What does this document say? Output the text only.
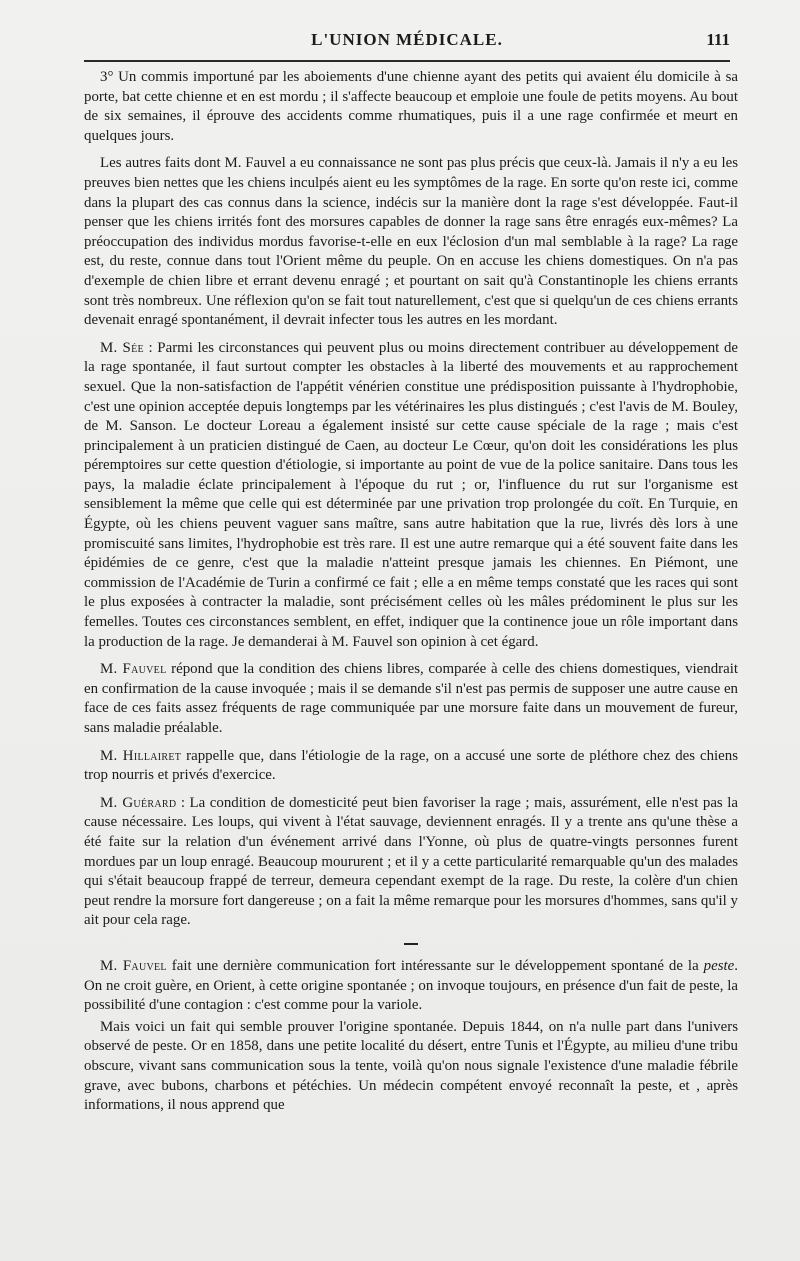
L'UNION MÉDICALE.	111

3° Un commis importuné par les aboiements d'une chienne ayant des petits qui avaient élu domicile à sa porte, bat cette chienne et en est mordu ; il s'affecte beaucoup et emploie une foule de petits moyens. Au bout de six semaines, il éprouve des accidents comme rhumatiques, puis il a une rage confirmée et meurt en quelques jours.

Les autres faits dont M. Fauvel a eu connaissance ne sont pas plus précis que ceux-là. Jamais il n'y a eu les preuves bien nettes que les chiens inculpés aient eu les symptômes de la rage. En sorte qu'on reste ici, comme dans la plupart des cas connus dans la science, indécis sur la manière dont la rage s'est développée. Faut-il penser que les chiens irrités font des morsures capables de donner la rage sans être enragés eux-mêmes? La préoccupation des individus mordus favorise-t-elle en eux l'éclosion d'un mal semblable à la rage? La rage est, du reste, connue dans tout l'Orient même du peuple. On en accuse les chiens domestiques. On n'a pas d'exemple de chien libre et errant devenu enragé ; et pourtant on sait qu'à Constantinople les chiens errants sont très nombreux. Une réflexion qu'on se fait tout naturellement, c'est que si quelqu'un de ces chiens errants devenait enragé spontanément, il devrait infecter tous les autres en les mordant.

M. Sée : Parmi les circonstances qui peuvent plus ou moins directement contribuer au développement de la rage spontanée, il faut surtout compter les obstacles à la liberté des mouvements et au rapprochement sexuel. Que la non-satisfaction de l'appétit vénérien constitue une prédisposition puissante à l'hydrophobie, c'est une opinion acceptée depuis longtemps par les vétérinaires les plus distingués ; c'est l'avis de M. Bouley, de M. Sanson. Le docteur Loreau a également insisté sur cette cause spéciale de la rage ; mais c'est principalement à un praticien distingué de Caen, au docteur Le Cœur, qu'on doit les considérations les plus péremptoires sur cette question d'étiologie, si importante au point de vue de la police sanitaire. Dans tous les pays, la maladie éclate principalement à l'époque du rut ; or, l'influence du rut sur l'organisme est sensiblement la même que celle qui est déterminée par une privation trop prolongée du coït. En Turquie, en Égypte, où les chiens peuvent vaguer sans maître, sans autre habitation que la rue, livrés dès lors à une promiscuité sans limites, l'hydrophobie est très rare. Il est une autre remarque qui a été souvent faite dans les épidémies de ce genre, c'est que la maladie n'atteint presque jamais les chiennes. En Piémont, une commission de l'Académie de Turin a confirmé ce fait ; elle a en même temps constaté que les races qui sont le plus exposées à contracter la maladie, sont précisément celles où les mâles prédominent le plus sur les femelles. Toutes ces circonstances semblent, en effet, indiquer que la continence joue un rôle important dans la production de la rage. Je demanderai à M. Fauvel son opinion à cet égard.

M. Fauvel répond que la condition des chiens libres, comparée à celle des chiens domestiques, viendrait en confirmation de la cause invoquée ; mais il se demande s'il n'est pas permis de supposer une autre cause en face de ces faits assez fréquents de rage communiquée par une morsure faite dans un mouvement de fureur, sans maladie préalable.

M. Hillairet rappelle que, dans l'étiologie de la rage, on a accusé une sorte de pléthore chez des chiens trop nourris et privés d'exercice.

M. Guérard : La condition de domesticité peut bien favoriser la rage ; mais, assurément, elle n'est pas la cause nécessaire. Les loups, qui vivent à l'état sauvage, deviennent enragés. Il y a trente ans qu'une thèse a été faite sur la relation d'un événement arrivé dans l'Yonne, où plus de quatre-vingts personnes furent mordues par un loup enragé. Beaucoup moururent ; et il y a cette particularité remarquable qu'un des malades qui s'était beaucoup frappé de terreur, demeura cependant exempt de la rage. Du reste, la colère d'un chien peut rendre la morsure fort dangereuse ; on a fait la même remarque pour les morsures d'hommes, sans qu'il y ait pour cela rage.

M. Fauvel fait une dernière communication fort intéressante sur le développement spontané de la peste. On ne croit guère, en Orient, à cette origine spontanée ; on invoque toujours, en présence d'un fait de peste, la possibilité d'une contagion : c'est comme pour la variole.

Mais voici un fait qui semble prouver l'origine spontanée. Depuis 1844, on n'a nulle part dans l'univers observé de peste. Or en 1858, dans une petite localité du désert, entre Tunis et l'Égypte, au milieu d'une tribu obscure, vivant sans communication sous la tente, voilà qu'on nous signale l'existence d'une maladie fébrile grave, avec bubons, charbons et pétéchies. Un médecin compétent envoyé reconnaît la peste, et , après informations, il nous apprend que
